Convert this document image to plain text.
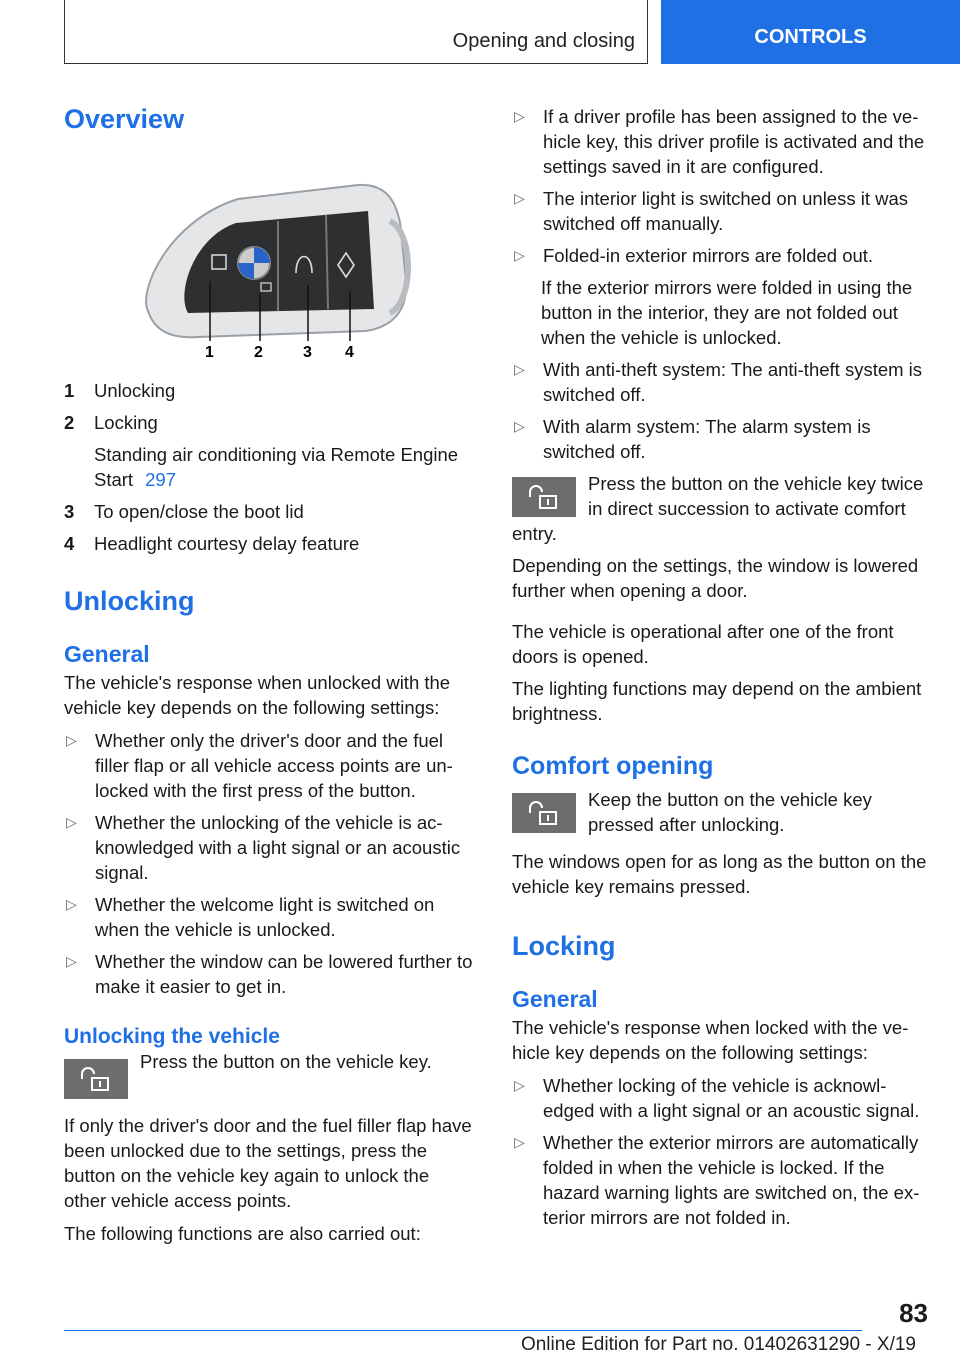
Opening and closing	CONTROLS
Overview
1	2	3 4
1	Unlocking
2	Locking
Standing air conditioning via Remote Engine Start 297
3	To open/close the boot lid
4	Headlight courtesy delay feature
Unlocking
General

The vehicle's response when unlocked with the vehicle key depends on the following settings:

▷ Whether only the driver's door and the fuel filler flap or all vehicle access points are unlocked with the first press of the button.
▷ Whether the unlocking of the vehicle is acknowledged with a light signal or an acoustic signal.
▷ Whether the welcome light is switched on when the vehicle is unlocked.
▷ Whether the window can be lowered further to make it easier to get in.
Unlocking the vehicle

Press the button on the vehicle key.

If only the driver's door and the fuel filler flap have been unlocked due to the settings, press the button on the vehicle key again to unlock the other vehicle access points.

The following functions are also carried out:

▷ If a driver profile has been assigned to the vehicle key, this driver profile is activated and the settings saved in it are configured.
▷ The interior light is switched on unless it was switched off manually.
▷ Folded-in exterior mirrors are folded out.

If the exterior mirrors were folded in using the button in the interior, they are not folded out when the vehicle is unlocked.

▷ With anti-theft system: The anti-theft system is switched off.
▷ With alarm system: The alarm system is switched off.

Press the button on the vehicle key twice in direct succession to activate comfort entry.

Depending on the settings, the window is lowered further when opening a door.

The vehicle is operational after one of the front doors is opened.

The lighting functions may depend on the ambient brightness.

Comfort opening

Keep the button on the vehicle key pressed after unlocking.

The windows open for as long as the button on the vehicle key remains pressed.

Locking
General

The vehicle's response when locked with the vehicle key depends on the following settings:

▷ Whether locking of the vehicle is acknowledged with a light signal or an acoustic signal.
▷ Whether the exterior mirrors are automatically folded in when the vehicle is locked. If the hazard warning lights are switched on, the exterior mirrors are not folded in.
83
Online Edition for Part no. 01402631290 - X/19
